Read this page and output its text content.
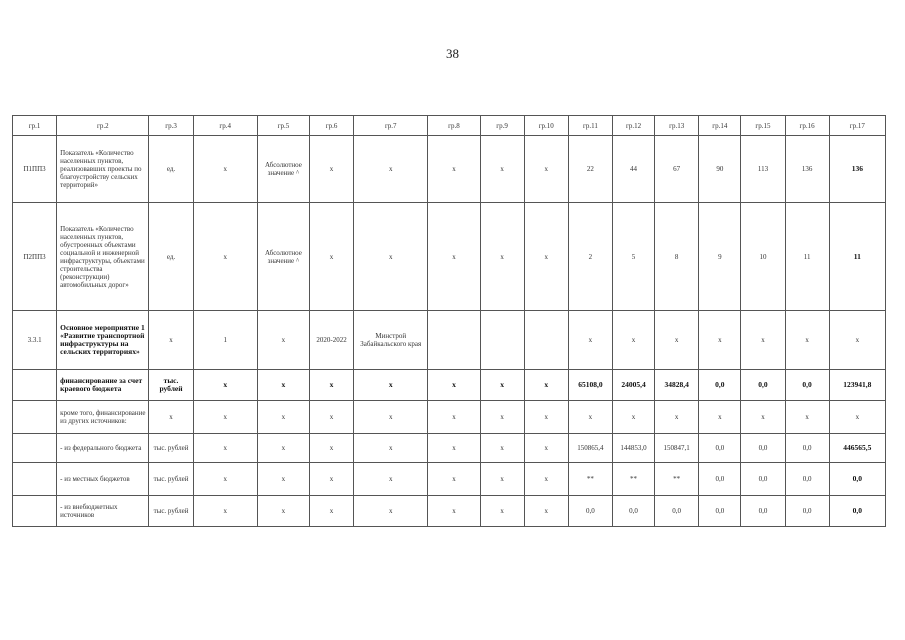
38
гр.1	гр.2	гр.3	гр.4	гр.5	гр.6	гр.7	гр.8	гр.9	гр.10	гр.11	гр.12	гр.13	гр.14	гр.15	гр.16	гр.17
П1ПП3	Показатель «Количество населенных пунктов, реализовавших проекты по благоустройству сельских территорий»	ед.	х	Абсолютное значение ^	х	х	х	х	х	22	44	67	90	113	136	136
П2ПП3	Показатель «Количество населенных пунктов, обустроенных объектами социальной и инженерной инфраструктуры, объектами строительства (реконструкции) автомобильных дорог»	ед.	х	Абсолютное значение ^	х	х	х	х	х	2	5	8	9	10	11	11
3.3.1	Основное мероприятие 1 «Развитие транспортной инфраструктуры на сельских территориях»	х	1	х	2020-2022	Минстрой Забайкальского края				х	х	х	х	х	х	х
	финансирование за счет краевого бюджета	тыс. рублей	х	х	х	х	х	х	х	65108,0	24005,4	34828,4	0,0	0,0	0,0	123941,8
	кроме того, финансирование из других источников:	х	х	х	х	х	х	х	х	х	х	х	х	х	х	х
	- из федерального бюджета	тыс. рублей	х	х	х	х	х	х	х	150865,4	144853,0	150847,1	0,0	0,0	0,0	446565,5
	- из местных бюджетов	тыс. рублей	х	х	х	х	х	х	х	**	**	**	0,0	0,0	0,0	0,0
	- из внебюджетных источников	тыс. рублей	х	х	х	х	х	х	х	0,0	0,0	0,0	0,0	0,0	0,0	0,0
